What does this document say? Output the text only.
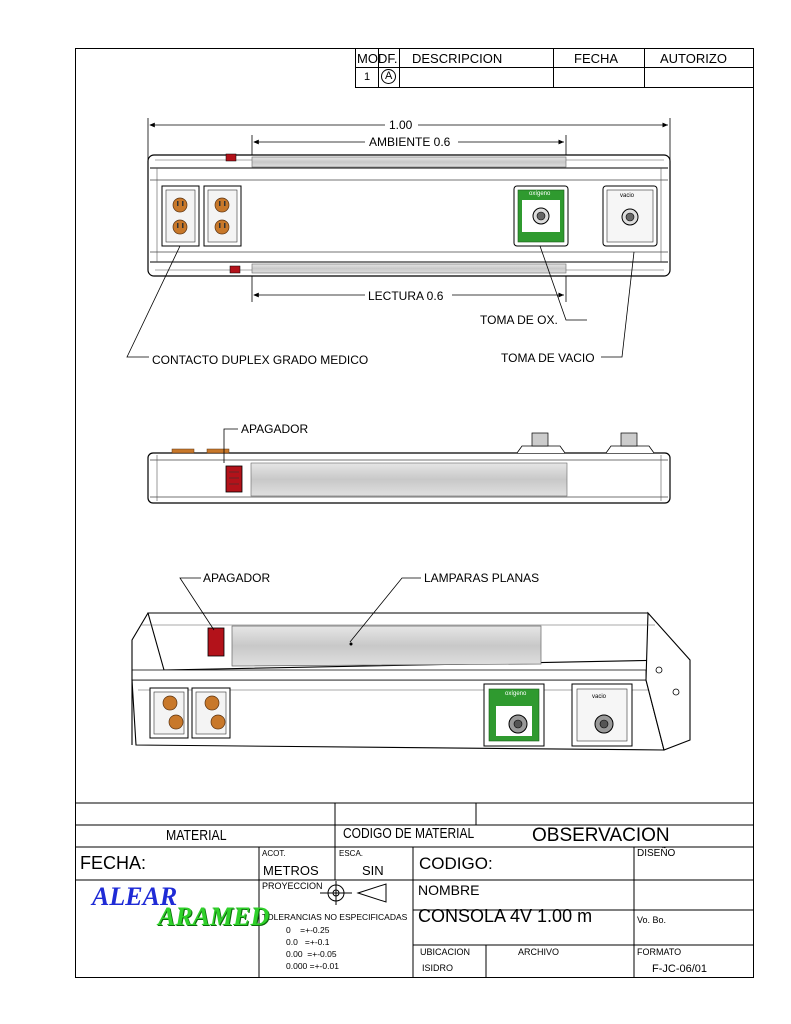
MODF. DESCRIPCION	FECHA	AUTORIZO
1 A
1.00
AMBIENTE 0.6
LECTURA 0.6
TOMA DE OX.
TOMA DE VACIO
CONTACTO DUPLEX GRADO MEDICO
oxígeno	vacio
APAGADOR
APAGADOR	LAMPARAS PLANAS
oxígeno	vacio
MATERIAL	CODIGO DE MATERIAL	OBSERVACION
FECHA:	ACOT.
METROS
ESCA.
SIN CODIGO:
DISEÑO
PROYECCION	NOMBRE
CONSOLA 4V 1.00 m	Vo. Bo.
TOLERANCIAS NO ESPECIFICADAS
0    =+-0.25
0.0   =+-0.1
0.00  =+-0.05
0.000 =+-0.01
UBICACION
ISIDRO
ARCHIVO	FORMATO
F-JC-06/01
ALEAR
ARAMED
